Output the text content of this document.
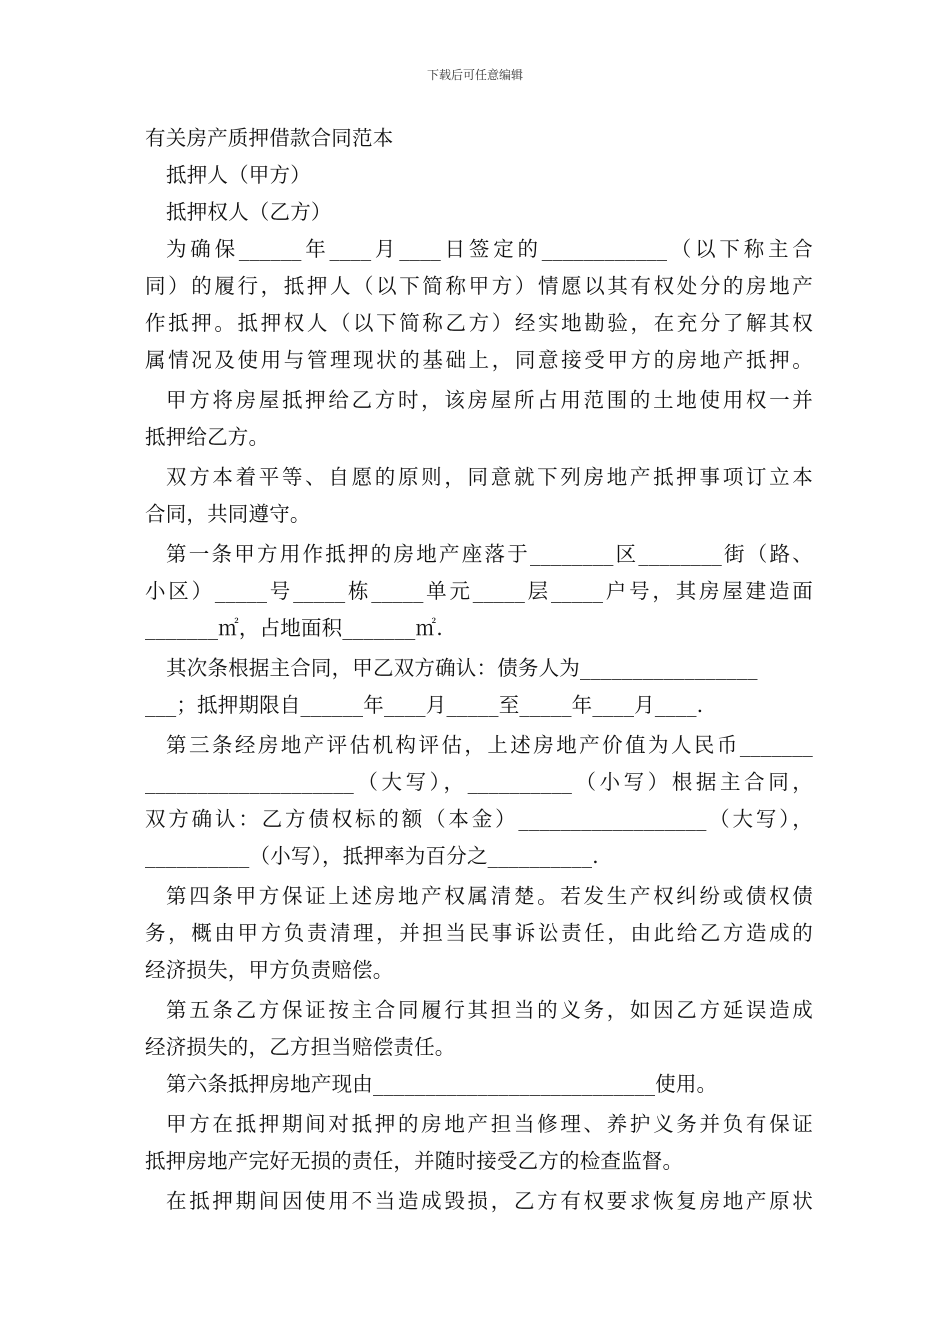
下载后可任意编辑
有关房产质押借款合同范本
抵押人（甲方）
抵押权人（乙方）
为确保______年____月____日签定的____________（以下称主合
同）的履行，抵押人（以下简称甲方）情愿以其有权处分的房地产
作抵押。抵押权人（以下简称乙方）经实地勘验，在充分了解其权
属情况及使用与管理现状的基础上，同意接受甲方的房地产抵押。
甲方将房屋抵押给乙方时，该房屋所占用范围的土地使用权一并
抵押给乙方。
双方本着平等、自愿的原则，同意就下列房地产抵押事项订立本
合同，共同遵守。
第一条甲方用作抵押的房地产座落于________区________街（路、
小区）_____号_____栋_____单元_____层_____户号，其房屋建造面
_______㎡，占地面积_______㎡.
其次条根据主合同，甲乙双方确认：债务人为_________________
___；抵押期限自______年____月_____至_____年____月____.
第三条经房地产评估机构评估，上述房地产价值为人民币_______
____________________（大写），__________（小写）根据主合同，
双方确认：乙方债权标的额（本金）__________________（大写），
__________（小写），抵押率为百分之__________.
第四条甲方保证上述房地产权属清楚。若发生产权纠纷或债权债
务，概由甲方负责清理，并担当民事诉讼责任，由此给乙方造成的
经济损失，甲方负责赔偿。
第五条乙方保证按主合同履行其担当的义务，如因乙方延误造成
经济损失的，乙方担当赔偿责任。
第六条抵押房地产现由___________________________使用。
甲方在抵押期间对抵押的房地产担当修理、养护义务并负有保证
抵押房地产完好无损的责任，并随时接受乙方的检查监督。
在抵押期间因使用不当造成毁损，乙方有权要求恢复房地产原状
